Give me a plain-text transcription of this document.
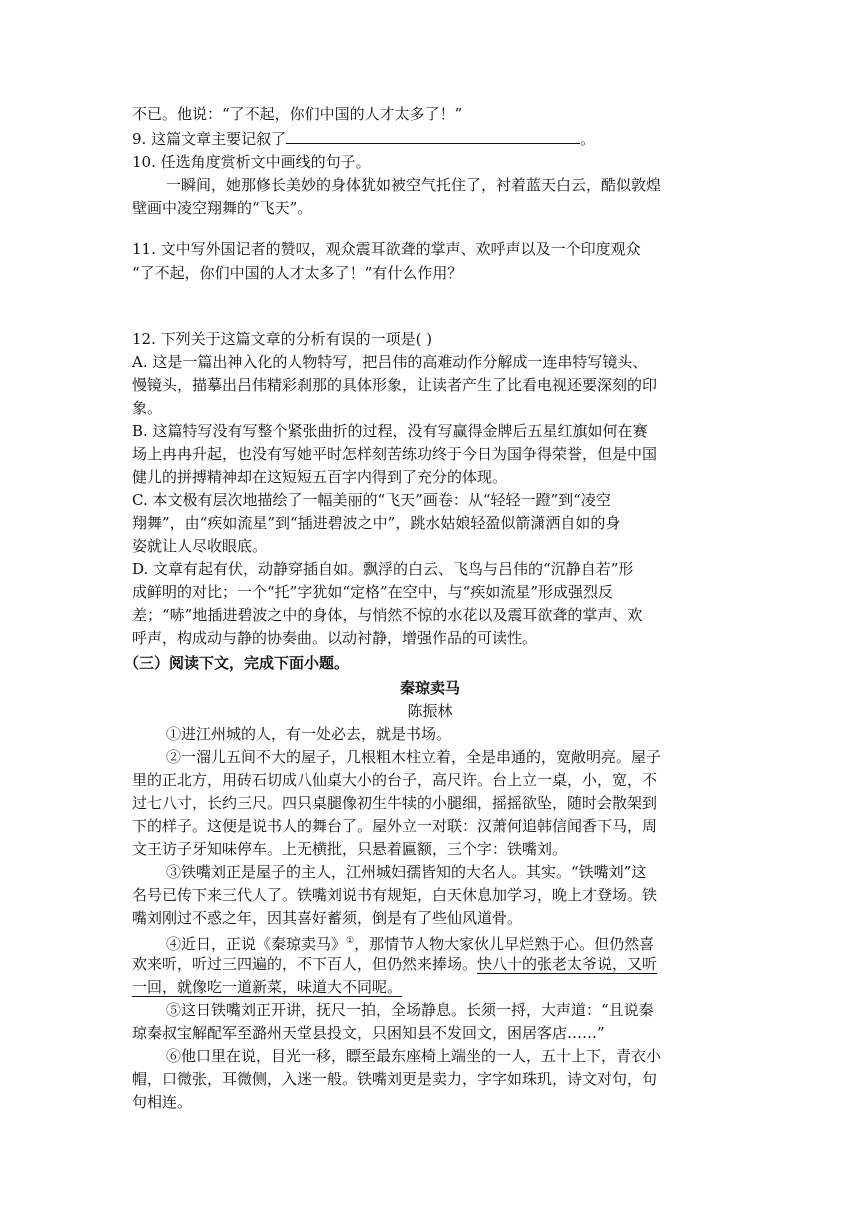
不已。他说：“了不起，你们中国的人才太多了！”
9. 这篇文章主要记叙了	。
10. 任选角度赏析文中画线的句子。
一瞬间，她那修长美妙的身体犹如被空气托住了，衬着蓝天白云，酷似敦煌
壁画中凌空翔舞的“飞天”。
11. 文中写外国记者的赞叹，观众震耳欲聋的掌声、欢呼声以及一个印度观众
“了不起，你们中国的人才太多了！”有什么作用？
12. 下列关于这篇文章的分析有误的一项是( )
A. 这是一篇出神入化的人物特写，把吕伟的高难动作分解成一连串特写镜头、
慢镜头，描摹出吕伟精彩刹那的具体形象，让读者产生了比看电视还要深刻的印
象。
B. 这篇特写没有写整个紧张曲折的过程，没有写赢得金牌后五星红旗如何在赛
场上冉冉升起，也没有写她平时怎样刻苦练功终于今日为国争得荣誉，但是中国
健儿的拼搏精神却在这短短五百字内得到了充分的体现。
C. 本文极有层次地描绘了一幅美丽的“飞天”画卷：从“轻轻一蹬”到“凌空
翔舞”，由“疾如流星”到“插进碧波之中”，跳水姑娘轻盈似箭潇洒自如的身
姿就让人尽收眼底。
D. 文章有起有伏，动静穿插自如。飘浮的白云、飞鸟与吕伟的“沉静自若”形
成鲜明的对比；一个“托”字犹如“定格”在空中，与“疾如流星”形成强烈反
差；“哧”地插进碧波之中的身体，与悄然不惊的水花以及震耳欲聋的掌声、欢
呼声，构成动与静的协奏曲。以动衬静，增强作品的可读性。
（三）阅读下文，完成下面小题。
秦琼卖马
陈振林
①进江州城的人，有一处必去，就是书场。
②一溜儿五间不大的屋子，几根粗木柱立着，全是串通的，宽敞明亮。屋子
里的正北方，用砖石切成八仙桌大小的台子，高尺许。台上立一桌，小，宽，不
过七八寸，长约三尺。四只桌腿像初生牛犊的小腿细，摇摇欲坠，随时会散架到
下的样子。这便是说书人的舞台了。屋外立一对联：汉萧何追韩信闻香下马，周
文王访子牙知味停车。上无横批，只悬着匾额，三个字：铁嘴刘。
③铁嘴刘正是屋子的主人，江州城妇孺皆知的大名人。其实。“铁嘴刘”这
名号已传下来三代人了。铁嘴刘说书有规矩，白天休息加学习，晚上才登场。铁
嘴刘刚过不惑之年，因其喜好蓄须，倒是有了些仙风道骨。
④近日，正说《秦琼卖马》①，那情节人物大家伙儿早烂熟于心。但仍然喜
欢来听，听过三四遍的，不下百人，但仍然来捧场。快八十的张老太爷说，又听
一回，就像吃一道新菜，味道大不同呢。
⑤这日铁嘴刘正开讲，抚尺一拍，全场静息。长须一捋，大声道：“且说秦
琼秦叔宝解配军至潞州天堂县投文，只困知县不发回文，困居客店……”
⑥他口里在说，目光一移，瞟至最东座椅上端坐的一人，五十上下，青衣小
帽，口微张，耳微侧，入迷一般。铁嘴刘更是卖力，字字如珠玑，诗文对句，句
句相连。
